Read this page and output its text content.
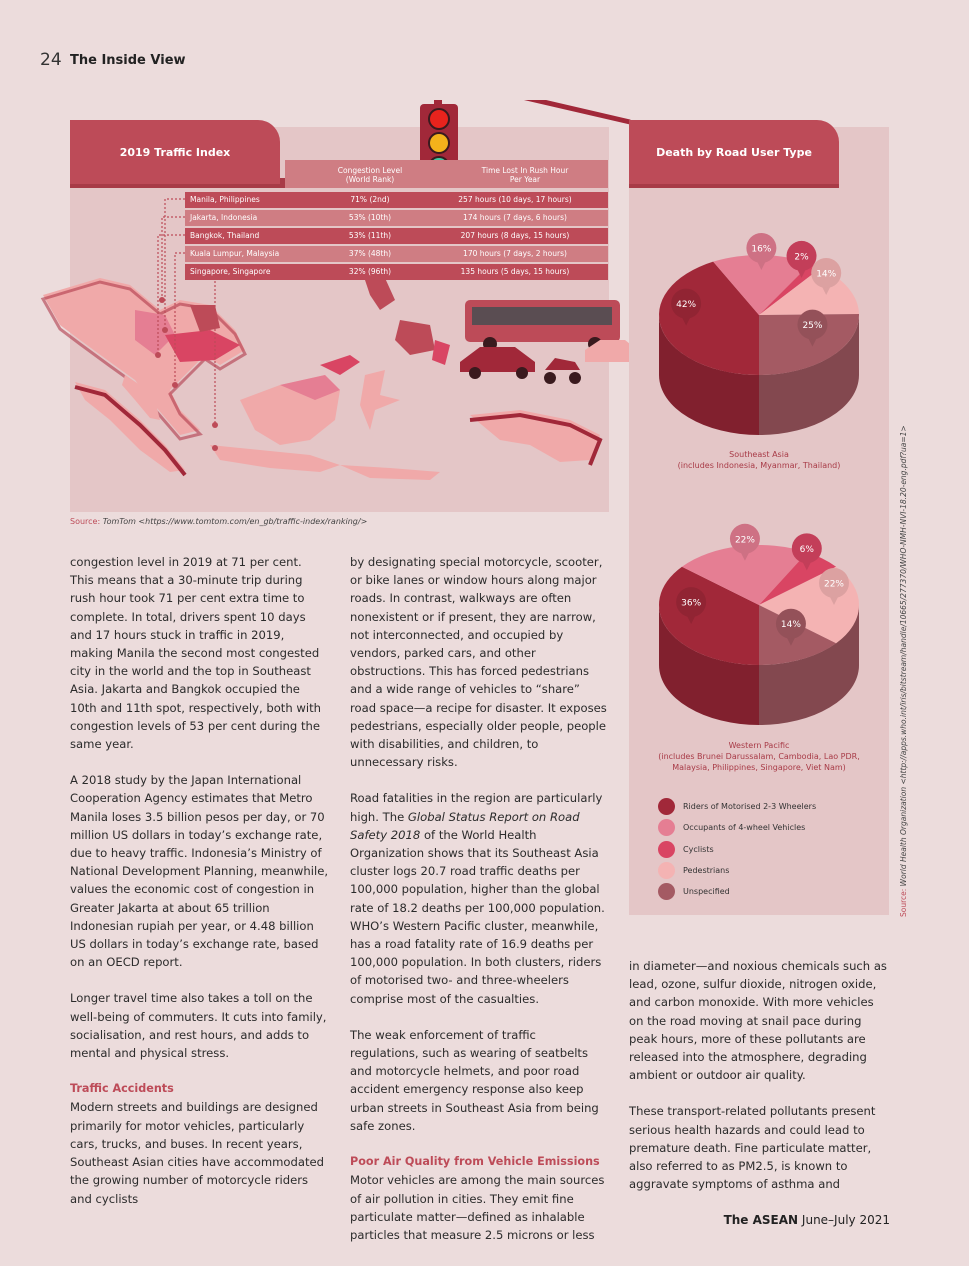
24 The Inside View
2019 Traffic Index
Congestion Level
(World Rank)
Time Lost In Rush Hour
Per Year
Manila, Philippines	71% (2nd)	257 hours (10 days, 17 hours)
Jakarta, Indonesia	53% (10th)	174 hours (7 days, 6 hours)
Bangkok, Thailand	53% (11th)	207 hours (8 days, 15 hours)
Kuala Lumpur, Malaysia	37% (48th)	170 hours (7 days, 2 hours)
Singapore, Singapore	32% (96th)	135 hours (5 days, 15 hours)
Source: TomTom <https://www.tomtom.com/en_gb/traffic-index/ranking/>
Death by Road User Type
42%
16%
2%
14%
25%
36%
22%
6%
22%
14%
Southeast Asia
(includes Indonesia, Myanmar, Thailand)
Western Pacific
(includes Brunei Darussalam, Cambodia, Lao PDR,
Malaysia, Philippines, Singapore, Viet Nam)
Riders of Motorised 2-3 Wheelers
Occupants of 4-wheel Vehicles
Cyclists
Pedestrians
Unspecified	Source: World Health Organization <http://apps.who.int/iris/bitstream/handle/10665/277370/WHO-NMH-NVI-18.20-eng.pdf?ua=1>

congestion level in 2019 at 71 per cent. This means that a 30-minute trip during rush hour took 71 per cent extra time to complete. In total, drivers spent 10 days and 17 hours stuck in traffic in 2019, making Manila the second most congested city in the world and the top in Southeast Asia. Jakarta and Bangkok occupied the 10th and 11th spot, respectively, both with congestion levels of 53 per cent during the same year.

A 2018 study by the Japan International Cooperation Agency estimates that Metro Manila loses 3.5 billion pesos per day, or 70 million US dollars in today’s exchange rate, due to heavy traffic. Indonesia’s Ministry of National Development Planning, meanwhile, values the economic cost of congestion in Greater Jakarta at about 65 trillion Indonesian rupiah per year, or 4.48 billion US dollars in today’s exchange rate, based on an OECD report.

Longer travel time also takes a toll on the well-being of commuters. It cuts into family, socialisation, and rest hours, and adds to mental and physical stress.

Traffic Accidents

Modern streets and buildings are designed primarily for motor vehicles, particularly cars, trucks, and buses. In recent years, Southeast Asian cities have accommodated the growing number of motorcycle riders and cyclists

by designating special motorcycle, scooter, or bike lanes or window hours along major roads. In contrast, walkways are often nonexistent or if present, they are narrow, not interconnected, and occupied by vendors, parked cars, and other obstructions. This has forced pedestrians and a wide range of vehicles to “share” road space—a recipe for disaster. It exposes pedestrians, especially older people, people with disabilities, and children, to unnecessary risks.

Road fatalities in the region are particularly high. The Global Status Report on Road Safety 2018 of the World Health Organization shows that its Southeast Asia cluster logs 20.7 road traffic deaths per 100,000 population, higher than the global rate of 18.2 deaths per 100,000 population. WHO’s Western Pacific cluster, meanwhile, has a road fatality rate of 16.9 deaths per 100,000 population. In both clusters, riders of motorised two- and three-wheelers comprise most of the casualties.

The weak enforcement of traffic regulations, such as wearing of seatbelts and motorcycle helmets, and poor road accident emergency response also keep urban streets in Southeast Asia from being safe zones.

Poor Air Quality from Vehicle Emissions

Motor vehicles are among the main sources of air pollution in cities. They emit fine particulate matter—defined as inhalable particles that measure 2.5 microns or less

in diameter—and noxious chemicals such as lead, ozone, sulfur dioxide, nitrogen oxide, and carbon monoxide. With more vehicles on the road moving at snail pace during peak hours, more of these pollutants are released into the atmosphere, degrading ambient or outdoor air quality.

These transport-related pollutants present serious health hazards and could lead to premature death. Fine particulate matter, also referred to as PM2.5, is known to aggravate symptoms of asthma and

The ASEAN June–July 2021
